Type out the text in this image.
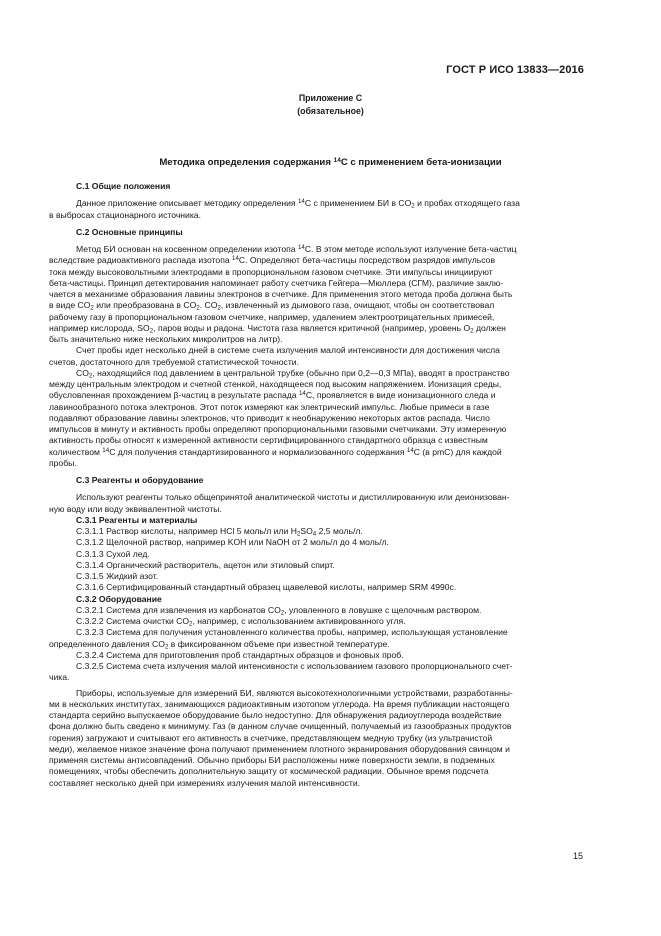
ГОСТ Р ИСО 13833—2016
Приложение C
(обязательное)
Методика определения содержания $^{14}$C с применением бета-ионизации

С.1 Общие положения

Данное приложение описывает методику определения $^{14}$C с применением БИ в $CO_2$ и пробах отходящего газа

в выбросах стационарного источника.

С.2 Основные принципы

Метод БИ основан на косвенном определении изотопа $^{14}$C. В этом методе используют излучение бета-частиц

вследствие радиоактивного распада изотопа $^{14}$C. Определяют бета-частицы посредством разрядов импульсов

тока между высоковольтными электродами в пропорциональном газовом счетчике. Эти импульсы инициируют

бета-частицы. Принцип детектирования напоминает работу счетчика Гейгера—Мюллера (СГМ), различие заклю-

чается в механизме образования лавины электронов в счетчике. Для применения этого метода проба должна быть

в виде $CO_2$ или преобразована в $CO_2$. $CO_2$, извлеченный из дымового газа, очищают, чтобы он соответствовал

рабочему газу в пропорциональном газовом счетчике, например, удалением электроотрицательных примесей,

например кислорода, $SO_2$, паров воды и радона. Чистота газа является критичной (например, уровень $O_2$ должен

быть значительно ниже нескольких микролитров на литр).

Счет пробы идет несколько дней в системе счета излучения малой интенсивности для достижения числа

счетов, достаточного для требуемой статистической точности.

$CO_2$, находящийся под давлением в центральной трубке (обычно при 0,2—0,3 МПа), вводят в пространство

между центральным электродом и счетной стенкой, находящееся под высоким напряжением. Ионизация среды,

обусловленная прохождением β-частиц в результате распада $^{14}$C, проявляется в виде ионизационного следа и

лавинообразного потока электронов. Этот поток измеряют как электрический импульс. Любые примеси в газе

подавляют образование лавины электронов, что приводит к необнаружению некоторых актов распада. Число

импульсов в минуту и активность пробы определяют пропорциональными газовыми счетчиками. Эту измеренную

активность пробы относят к измеренной активности сертифицированного стандартного образца с известным

количеством $^{14}$C для получения стандартизированного и нормализованного содержания $^{14}$C (в pmC) для каждой

пробы.

С.3 Реагенты и оборудование

Используют реагенты только общепринятой аналитической чистоты и дистиллированную или деионизован-

ную воду или воду эквивалентной чистоты.

С.3.1 Реагенты и материалы

С.3.1.1 Раствор кислоты, например HCl 5 моль/л или $H_2SO_4$ 2,5 моль/л.

С.3.1.2 Щелочной раствор, например KOH или NaOH от 2 моль/л до 4 моль/л.

С.3.1.3 Сухой лед.

С.3.1.4 Органический растворитель, ацетон или этиловый спирт.

С.3.1.5 Жидкий азот.

С.3.1.6 Сертифицированный стандартный образец щавелевой кислоты, например SRM 4990c.

С.3.2 Оборудование

С.3.2.1 Система для извлечения из карбонатов $CO_2$, уловленного в ловушке с щелочным раствором.

С.3.2.2 Система очистки $CO_2$, например, с использованием активированного угля.

С.3.2.3 Система для получения установленного количества пробы, например, использующая установление

определенного давления $CO_2$ в фиксированном объеме при известной температуре.

С.3.2.4 Система для приготовления проб стандартных образцов и фоновых проб.

С.3.2.5 Система счета излучения малой интенсивности с использованием газового пропорционального счет-

чика.

Приборы, используемые для измерений БИ, являются высокотехнологичными устройствами, разработанны-

ми в нескольких институтах, занимающихся радиоактивным изотопом углерода. На время публикации настоящего

стандарта серийно выпускаемое оборудование было недоступно. Для обнаружения радиоуглерода воздействие

фона должно быть сведено к минимуму. Газ (в данном случае очищенный, получаемый из газообразных продуктов

горения) загружают и считывают его активность в счетчике, представляющем медную трубку (из ультрачистой

меди), желаемое низкое значение фона получают применением плотного экранирования оборудования свинцом и

применяя системы антисовпадений. Обычно приборы БИ расположены ниже поверхности земли, в подземных

помещениях, чтобы обеспечить дополнительную защиту от космической радиации. Обычное время подсчета

составляет несколько дней при измерениях излучения малой интенсивности.

15
